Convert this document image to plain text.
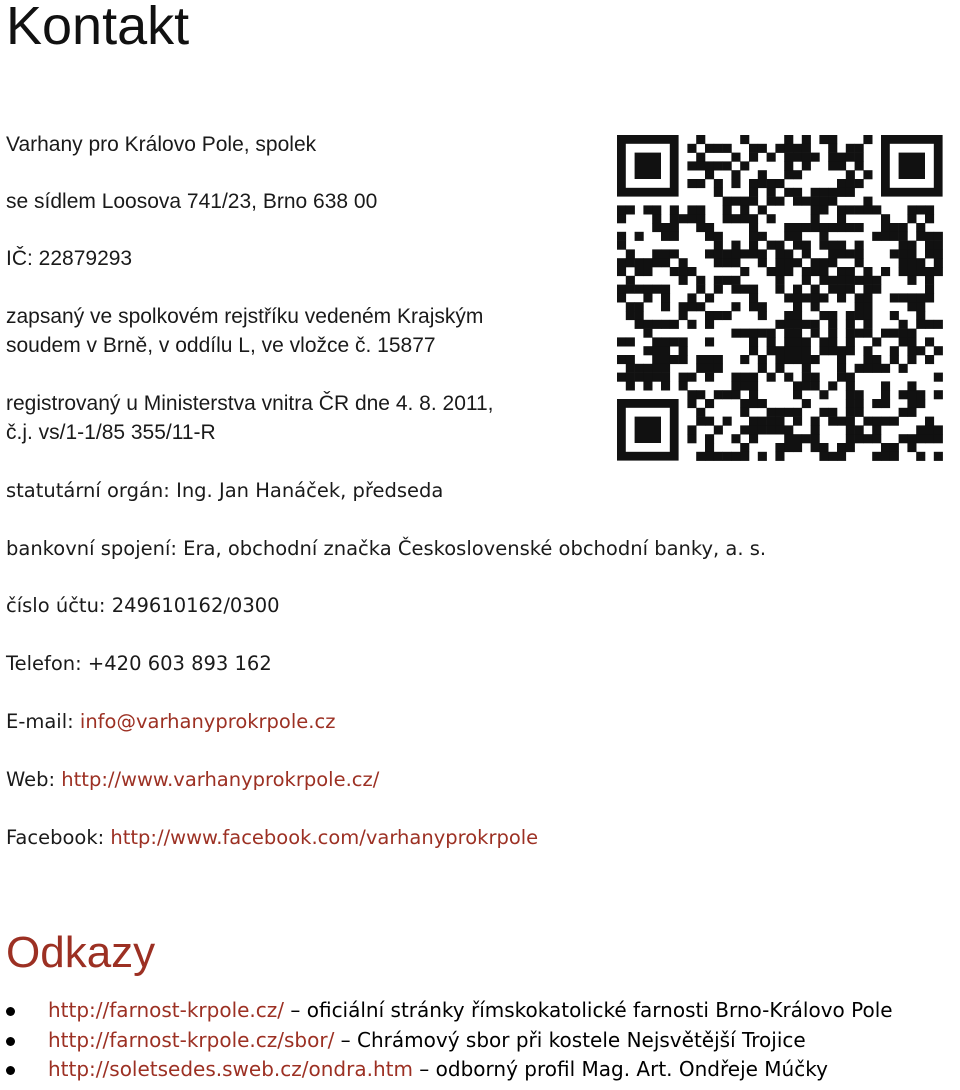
Kontakt

Varhany pro Královo Pole, spolek

se sídlem Loosova 741/23, Brno 638 00

IČ: 22879293

zapsaný ve spolkovém rejstříku vedeném Krajským

soudem v Brně, v oddílu L, ve vložce č. 15877

registrovaný u Ministerstva vnitra ČR dne 4. 8. 2011,

č.j. vs/1-1/85 355/11-R

statutární orgán: Ing. Jan Hanáček, předseda

bankovní spojení: Era, obchodní značka Československé obchodní banky, a. s.

číslo účtu: 249610162/0300

Telefon: +420 603 893 162

E-mail: info@varhanyprokrpole.cz

Web: http://www.varhanyprokrpole.cz/

Facebook: http://www.facebook.com/varhanyprokrpole

Odkazy
http://farnost-krpole.cz/ – oficiální stránky římskokatolické farnosti Brno-Královo Pole
http://farnost-krpole.cz/sbor/ – Chrámový sbor při kostele Nejsvětější Trojice
http://soletsedes.sweb.cz/ondra.htm – odborný profil Mag. Art. Ondřeje Múčky
